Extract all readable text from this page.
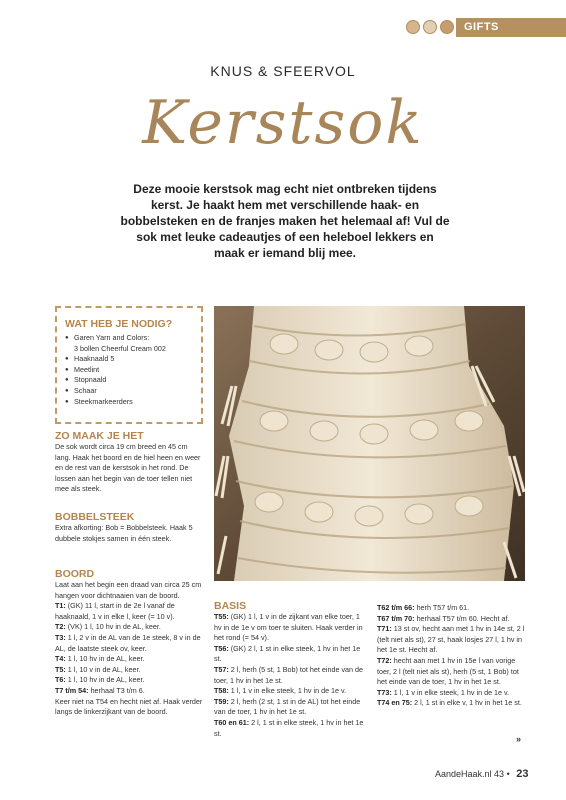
GIFTS
KNUS & SFEERVOL
Kerstsok
Deze mooie kerstsok mag echt niet ontbreken tijdens kerst. Je haakt hem met verschillende haak- en bobbelsteken en de franjes maken het helemaal af! Vul de sok met leuke cadeautjes of een heleboel lekkers en maak er iemand blij mee.
WAT HEB JE NODIG?
● Garen Yarn and Colors:
3 bollen Cheerful Cream 002
● Haaknaald 5
● Meetlint
● Stopnaald
● Schaar
● Steekmarkeerders

ZO MAAK JE HET

De sok wordt circa 19 cm breed en 45 cm lang. Haak het boord en de hiel heen en weer en de rest van de kerstsok in het rond. De lossen aan het begin van de toer tellen niet mee als steek.

BOBBELSTEEK

Extra afkorting: Bob = Bobbelsteek. Haak 5 dubbele stokjes samen in één steek.

BOORD

Laat aan het begin een draad van circa 25 cm hangen voor dichtnaaien van de boord.

T1: (GK) 11 l, start in de 2e l vanaf de haaknaald, 1 v in elke l, keer (= 10 v).

T2: (VK) 1 l, 10 hv in de AL, keer.

T3: 1 l, 2 v in de AL van de 1e steek, 8 v in de AL, de laatste steek ov, keer.

T4: 1 l, 10 hv in de AL, keer.

T5: 1 l, 10 v in de AL, keer.

T6: 1 l, 10 hv in de AL, keer.

T7 t/m 54: herhaal T3 t/m 6.

Keer niet na T54 en hecht niet af. Haak verder langs de linkerzijkant van de boord.

BASIS

T55: (GK) 1 l, 1 v in de zijkant van elke toer, 1 hv in de 1e v om toer te sluiten. Haak verder in het rond (= 54 v).

T56: (GK) 2 l, 1 st in elke steek, 1 hv in het 1e st.

T57: 2 l, herh (5 st, 1 Bob) tot het einde van de toer, 1 hv in het 1e st.

T58: 1 l, 1 v in elke steek, 1 hv in de 1e v.

T59: 2 l, herh (2 st, 1 st in de AL) tot het einde van de toer, 1 hv in het 1e st.

T60 en 61: 2 l, 1 st in elke steek, 1 hv in het 1e st.

T62 t/m 66: herh T57 t/m 61.

T67 t/m 70: herhaal T57 t/m 60. Hecht af.

T71: 13 st ov, hecht aan met 1 hv in 14e st, 2 l (telt niet als st), 27 st, haak losjes 27 l, 1 hv in het 1e st. Hecht af.

T72: hecht aan met 1 hv in 15e l van vorige toer, 2 l (telt niet als st), herh (5 st, 1 Bob) tot het einde van de toer, 1 hv in het 1e st.

T73: 1 l, 1 v in elke steek, 1 hv in de 1e v.

T74 en 75: 2 l, 1 st in elke v, 1 hv in het 1e st.

»
AandeHaak.nl 43 • 23
